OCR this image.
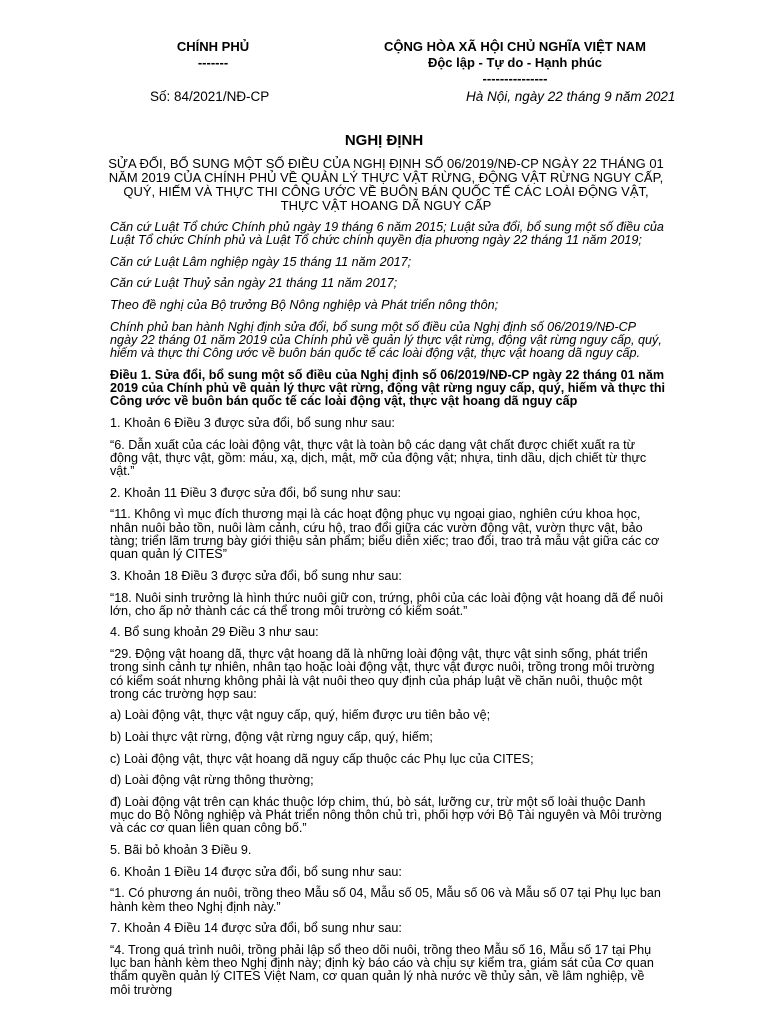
CHÍNH PHỦ
-------
CỘNG HÒA XÃ HỘI CHỦ NGHĨA VIỆT NAM
Độc lập - Tự do - Hạnh phúc
---------------
Số: 84/2021/NĐ-CP	Hà Nội, ngày 22 tháng 9 năm 2021
NGHỊ ĐỊNH
SỬA ĐỔI, BỔ SUNG MỘT SỐ ĐIỀU CỦA NGHỊ ĐỊNH SỐ 06/2019/NĐ-CP NGÀY 22 THÁNG 01 NĂM 2019 CỦA CHÍNH PHỦ VỀ QUẢN LÝ THỰC VẬT RỪNG, ĐỘNG VẬT RỪNG NGUY CẤP, QUÝ, HIẾM VÀ THỰC THI CÔNG ƯỚC VỀ BUÔN BÁN QUỐC TẾ CÁC LOÀI ĐỘNG VẬT, THỰC VẬT HOANG DÃ NGUY CẤP

Căn cứ Luật Tổ chức Chính phủ ngày 19 tháng 6 năm 2015; Luật sửa đổi, bổ sung một số điều của Luật Tổ chức Chính phủ và Luật Tổ chức chính quyền địa phương ngày 22 tháng 11 năm 2019;

Căn cứ Luật Lâm nghiệp ngày 15 tháng 11 năm 2017;

Căn cứ Luật Thuỷ sản ngày 21 tháng 11 năm 2017;

Theo đề nghị của Bộ trưởng Bộ Nông nghiệp và Phát triển nông thôn;

Chính phủ ban hành Nghị định sửa đổi, bổ sung một số điều của Nghị định số 06/2019/NĐ-CP ngày 22 tháng 01 năm 2019 của Chính phủ về quản lý thực vật rừng, động vật rừng nguy cấp, quý, hiếm và thực thi Công ước về buôn bán quốc tế các loài động vật, thực vật hoang dã nguy cấp.

Điều 1. Sửa đổi, bổ sung một số điều của Nghị định số 06/2019/NĐ-CP ngày 22 tháng 01 năm 2019 của Chính phủ về quản lý thực vật rừng, động vật rừng nguy cấp, quý, hiếm và thực thi Công ước về buôn bán quốc tế các loài động vật, thực vật hoang dã nguy cấp

1. Khoản 6 Điều 3 được sửa đổi, bổ sung như sau:

“6. Dẫn xuất của các loài động vật, thực vật là toàn bộ các dạng vật chất được chiết xuất ra từ động vật, thực vật, gồm: máu, xạ, dịch, mật, mỡ của động vật; nhựa, tinh dầu, dịch chiết từ thực vật.”

2. Khoản 11 Điều 3 được sửa đổi, bổ sung như sau:

“11. Không vì mục đích thương mại là các hoạt động phục vụ ngoại giao, nghiên cứu khoa học, nhân nuôi bảo tồn, nuôi làm cảnh, cứu hộ, trao đổi giữa các vườn động vật, vườn thực vật, bảo tàng; triển lãm trưng bày giới thiệu sản phẩm; biểu diễn xiếc; trao đổi, trao trả mẫu vật giữa các cơ quan quản lý CITES”

3. Khoản 18 Điều 3 được sửa đổi, bổ sung như sau:

“18. Nuôi sinh trưởng là hình thức nuôi giữ con, trứng, phôi của các loài động vật hoang dã để nuôi lớn, cho ấp nở thành các cá thể trong môi trường có kiểm soát.”

4. Bổ sung khoản 29 Điều 3 như sau:

“29. Động vật hoang dã, thực vật hoang dã là những loài động vật, thực vật sinh sống, phát triển trong sinh cảnh tự nhiên, nhân tạo hoặc loài động vật, thực vật được nuôi, trồng trong môi trường có kiểm soát nhưng không phải là vật nuôi theo quy định của pháp luật về chăn nuôi, thuộc một trong các trường hợp sau:

a) Loài động vật, thực vật nguy cấp, quý, hiếm được ưu tiên bảo vệ;

b) Loài thực vật rừng, động vật rừng nguy cấp, quý, hiếm;

c) Loài động vật, thực vật hoang dã nguy cấp thuộc các Phụ lục của CITES;

d) Loài động vật rừng thông thường;

đ) Loài động vật trên cạn khác thuộc lớp chim, thú, bò sát, lưỡng cư, trừ một số loài thuộc Danh mục do Bộ Nông nghiệp và Phát triển nông thôn chủ trì, phối hợp với Bộ Tài nguyên và Môi trường và các cơ quan liên quan công bố.”

5. Bãi bỏ khoản 3 Điều 9.

6. Khoản 1 Điều 14 được sửa đổi, bổ sung như sau:

“1. Có phương án nuôi, trồng theo Mẫu số 04, Mẫu số 05, Mẫu số 06 và Mẫu số 07 tại Phụ lục ban hành kèm theo Nghị định này.”

7. Khoản 4 Điều 14 được sửa đổi, bổ sung như sau:

“4. Trong quá trình nuôi, trồng phải lập sổ theo dõi nuôi, trồng theo Mẫu số 16, Mẫu số 17 tại Phụ lục ban hành kèm theo Nghị định này; định kỳ báo cáo và chịu sự kiểm tra, giám sát của Cơ quan thẩm quyền quản lý CITES Việt Nam, cơ quan quản lý nhà nước về thủy sản, về lâm nghiệp, về môi trường
